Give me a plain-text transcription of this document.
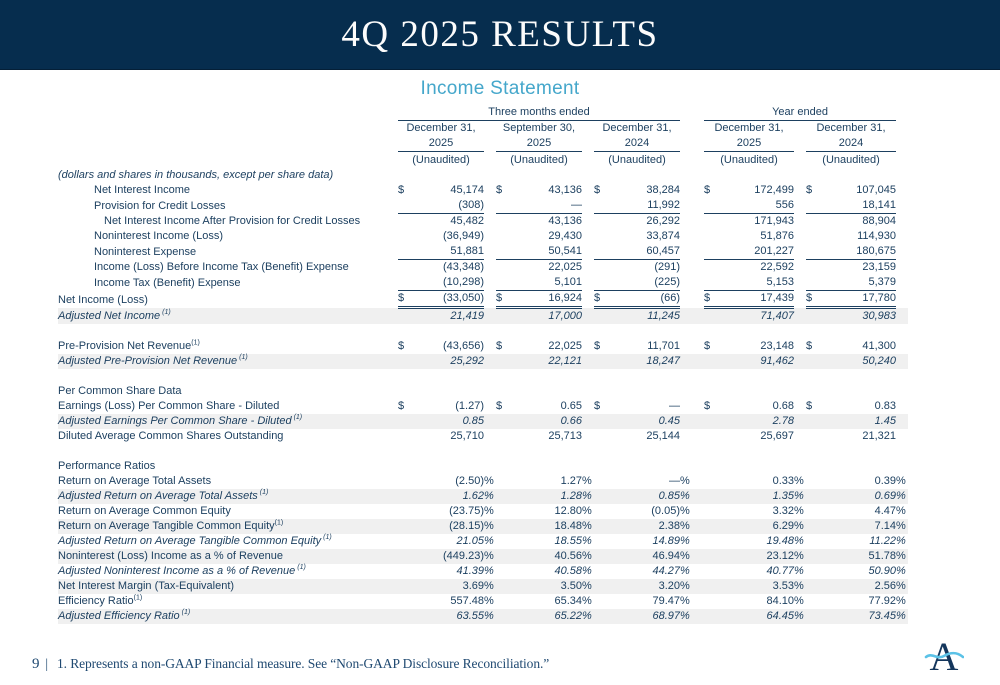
4Q 2025 RESULTS
Income Statement
	Three months ended										Year ended					
	December 31,			September 30,			December 31,				December 31,			December 31,		
	2025			2025			2024				2025			2024		
	(Unaudited)			(Unaudited)			(Unaudited)				(Unaudited)			(Unaudited)		
(dollars and shares in thousands, except per share data)																
Net Interest Income	$	45,174		$	43,136		$	38,284			$	172,499		$	107,045	
Provision for Credit Losses		(308)			—			11,992				556			18,141	
Net Interest Income After Provision for Credit Losses		45,482			43,136			26,292				171,943			88,904	
Noninterest Income (Loss)		(36,949)			29,430			33,874				51,876			114,930	
Noninterest Expense		51,881			50,541			60,457				201,227			180,675	
Income (Loss) Before Income Tax (Benefit) Expense		(43,348)			22,025			(291)				22,592			23,159	
Income Tax (Benefit) Expense		(10,298)			5,101			(225)				5,153			5,379	
Net Income (Loss)	$	(33,050)		$	16,924		$	(66)			$	17,439		$	17,780	
Adjusted Net Income $^{(1)}$		21,419			17,000			11,245				71,407			30,983	

Pre-Provision Net Revenue$^{(1)}$	$	(43,656)		$	22,025		$	11,701			$	23,148		$	41,300	
Adjusted Pre-Provision Net Revenue $^{(1)}$		25,292			22,121			18,247				91,462			50,240	

Per Common Share Data																
Earnings (Loss) Per Common Share - Diluted	$	(1.27)		$	0.65		$	—			$	0.68		$	0.83	
Adjusted Earnings Per Common Share - Diluted $^{(1)}$		0.85			0.66			0.45				2.78			1.45	
Diluted Average Common Shares Outstanding		25,710			25,713			25,144				25,697			21,321	

Performance Ratios																
Return on Average Total Assets		(2.50)	%		1.27	%		—	%			0.33	%		0.39	%
Adjusted Return on Average Total Assets $^{(1)}$		1.62	%		1.28	%		0.85	%			1.35	%		0.69	%
Return on Average Common Equity		(23.75)	%		12.80	%		(0.05)	%			3.32	%		4.47	%
Return on Average Tangible Common Equity$^{(1)}$		(28.15)	%		18.48	%		2.38	%			6.29	%		7.14	%
Adjusted Return on Average Tangible Common Equity $^{(1)}$		21.05	%		18.55	%		14.89	%			19.48	%		11.22	%
Noninterest (Loss) Income as a % of Revenue		(449.23)	%		40.56	%		46.94	%			23.12	%		51.78	%
Adjusted Noninterest Income as a % of Revenue $^{(1)}$		41.39	%		40.58	%		44.27	%			40.77	%		50.90	%
Net Interest Margin (Tax-Equivalent)		3.69	%		3.50	%		3.20	%			3.53	%		2.56	%
Efficiency Ratio$^{(1)}$		557.48	%		65.34	%		79.47	%			84.10	%		77.92	%
Adjusted Efficiency Ratio $^{(1)}$		63.55	%		65.22	%		68.97	%			64.45	%		73.45	%
9 | 1. Represents a non-GAAP Financial measure. See “Non-GAAP Disclosure Reconciliation.”	A
